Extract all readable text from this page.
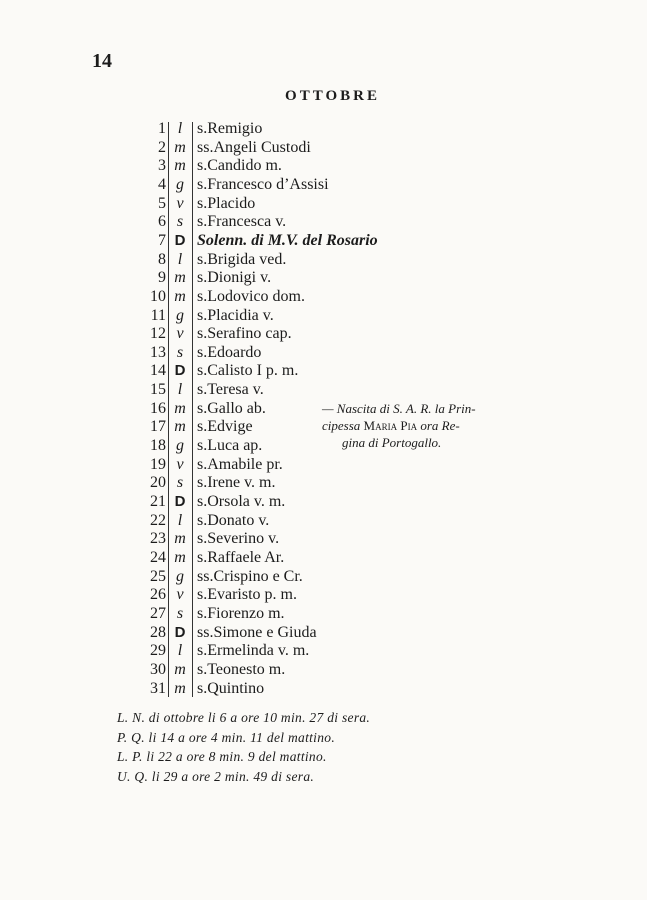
14
OTTOBRE
1 l s.Remigio
2 m ss.Angeli Custodi
3 m s.Candido m.
4 g s.Francesco d’Assisi
5 v s.Placido
6 s s.Francesca v.
7 D Solenn. di M.V. del Rosario
8 l s.Brigida ved.
9 m s.Dionigi v.
10 m s.Lodovico dom.
11 g s.Placidia v.
12 v s.Serafino cap.
13 s s.Edoardo
14 D s.Calisto I p. m.
15 l s.Teresa v.
16 m s.Gallo ab.
17 m s.Edvige
18 g s.Luca ap.
19 v s.Amabile pr.
20 s s.Irene v. m.
21 D s.Orsola v. m.
22 l s.Donato v.
23 m s.Severino v.
24 m s.Raffaele Ar.
25 g ss.Crispino e Cr.
26 v s.Evaristo p. m.
27 s s.Fiorenzo m.
28 D ss.Simone e Giuda
29 l s.Ermelinda v. m.
30 m s.Teonesto m.
31 m s.Quintino
— Nascita di S. A. R. la Prin-
cipessa Maria Pia ora Re-
gina di Portogallo.
L. N. di ottobre li 6 a ore 10 min. 27 di sera.
P. Q. li 14 a ore 4 min. 11 del mattino.
L. P. li 22 a ore 8 min. 9 del mattino.
U. Q. li 29 a ore 2 min. 49 di sera.
